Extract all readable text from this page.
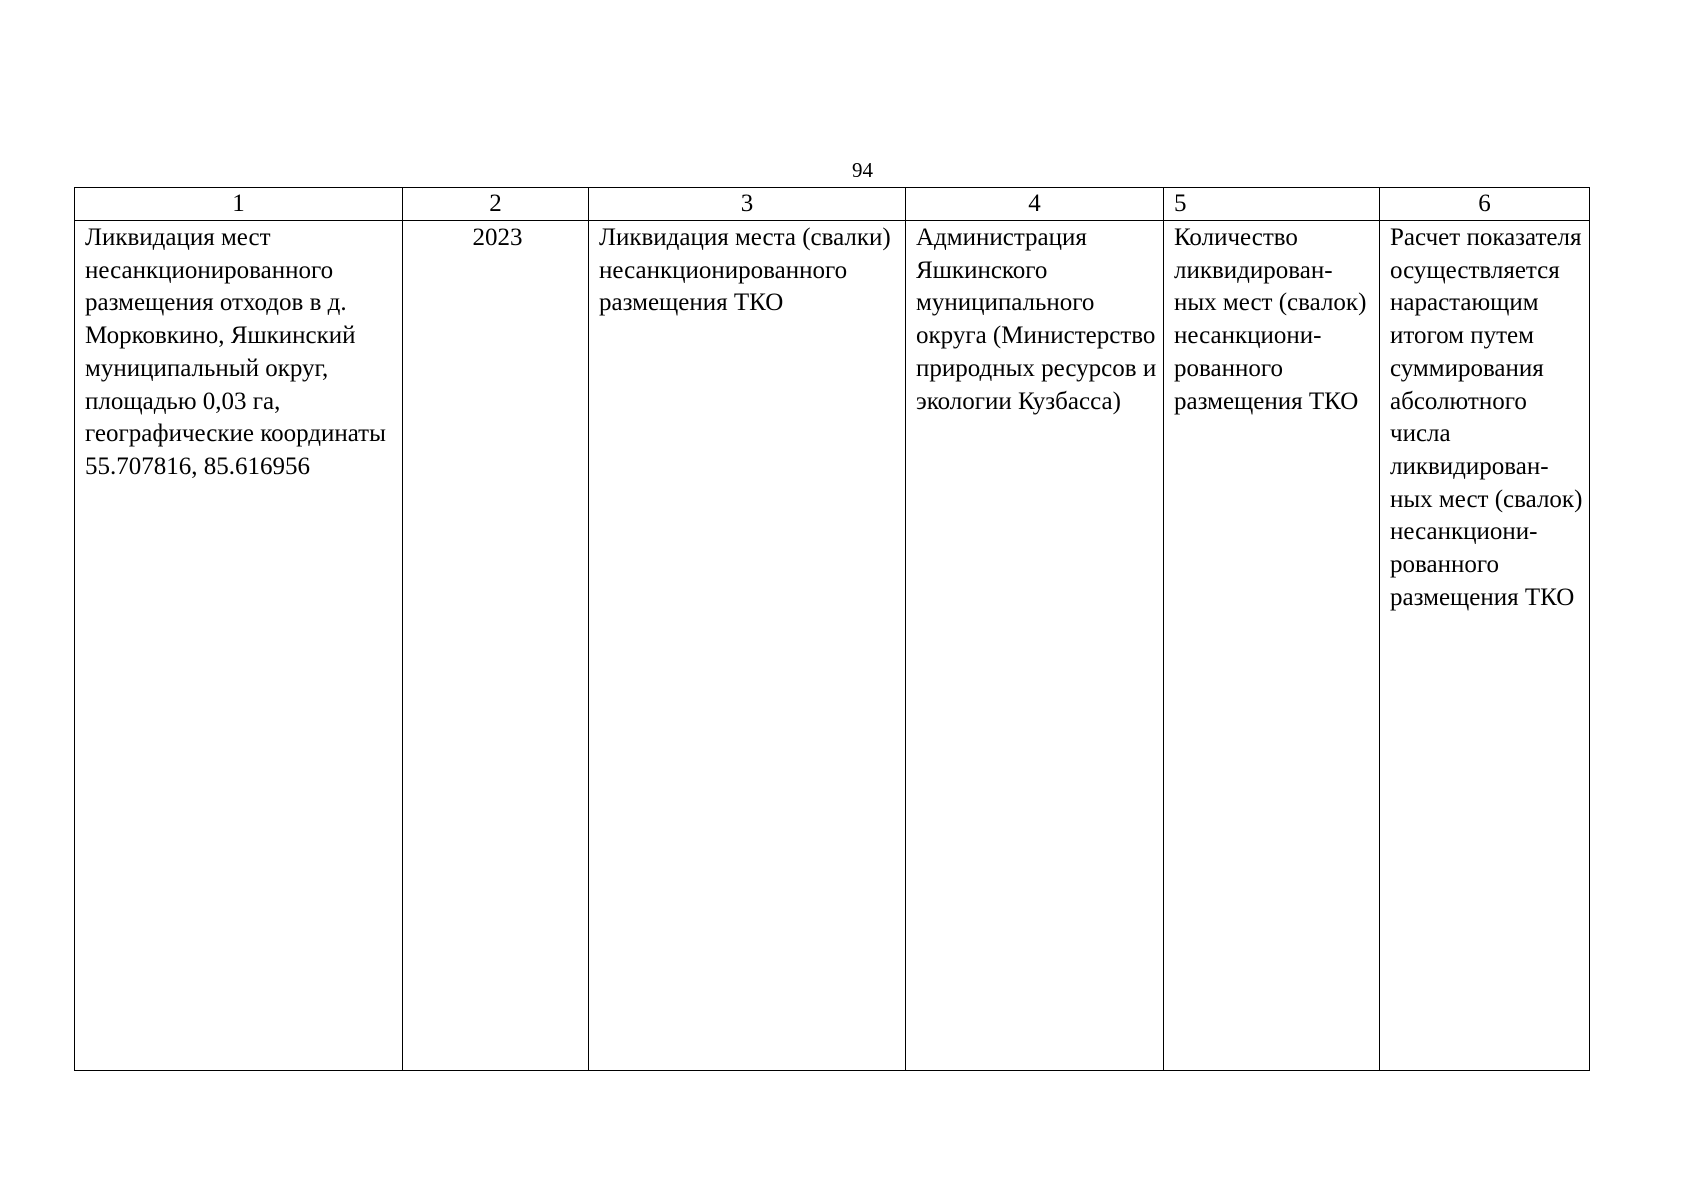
94
1	2	3	4	5	6
Ликвидация мест несанкционированного размещения отходов в д. Морковкино, Яшкинский муниципальный округ, площадью 0,03 га, географические координаты 55.707816, 85.616956	2023	Ликвидация места (свалки) несанкционированного размещения ТКО	Администрация Яшкинского муниципального округа (Министерство природных ресурсов и экологии Кузбасса)	Количество ликвидирован-ных мест (свалок) несанкциони-рованного размещения ТКО	Расчет показателя осуществляется нарастающим итогом путем суммирования абсолютного числа ликвидирован-ных мест (свалок) несанкциони-рованного размещения ТКО
